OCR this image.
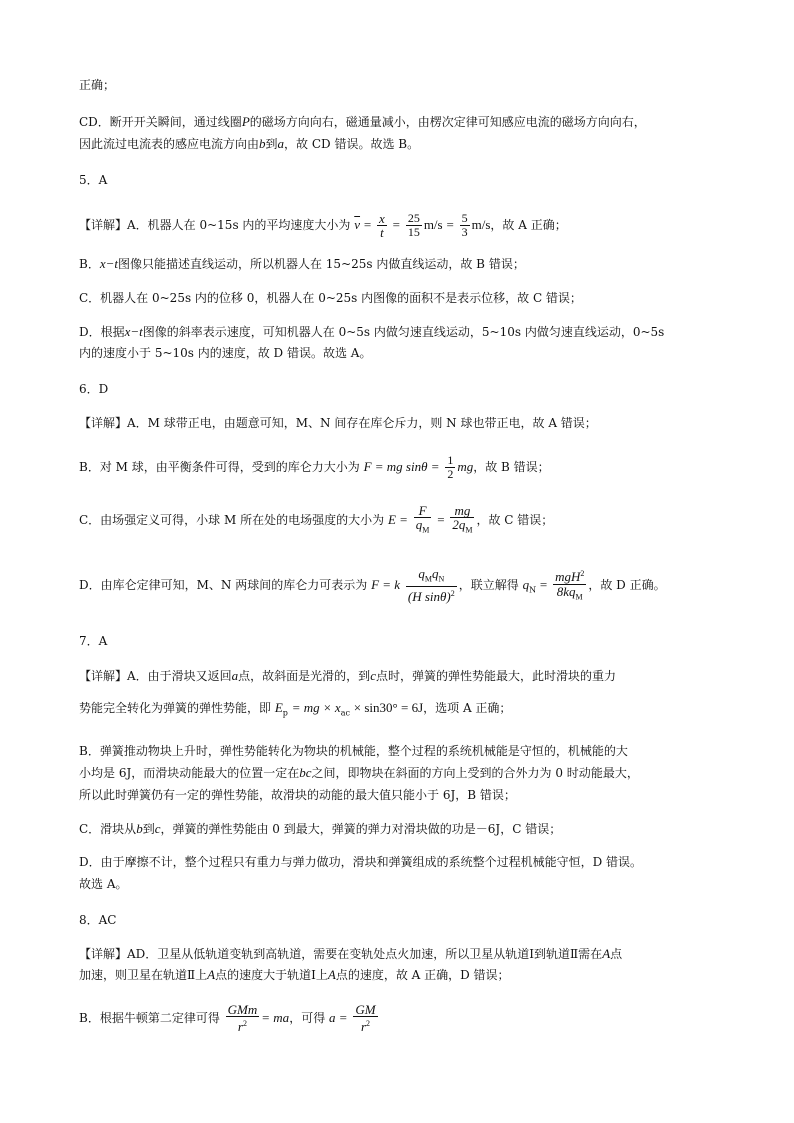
正确；
CD．断开开关瞬间，通过线圈P的磁场方向向右，磁通量减小，由楞次定律可知感应电流的磁场方向向右，
因此流过电流表的感应电流方向由b到a，故 CD 错误。故选 B。
5．A
【详解】A．机器人在 0~15s 内的平均速度大小为 $\overline{v} = \frac{x}{t} = \frac{25}{15} m/s = \frac{5}{3} m/s$，故 A 正确；
B．x−t图像只能描述直线运动，所以机器人在 15~25s 内做直线运动，故 B 错误；
C．机器人在 0~25s 内的位移 0，机器人在 0~25s 内图像的面积不是表示位移，故 C 错误；
D．根据x−t图像的斜率表示速度，可知机器人在 0~5s 内做匀速直线运动，5~10s 内做匀速直线运动，0~5s
内的速度小于 5~10s 内的速度，故 D 错误。故选 A。
6．D
【详解】A．M 球带正电，由题意可知，M、N 间存在库仑斥力，则 N 球也带正电，故 A 错误；
B．对 M 球，由平衡条件可得，受到的库仑力大小为 F = mg $\sin\theta = \frac{1}{2}$ mg，故 B 错误；
C．由场强定义可得，小球 M 所在处的电场强度的大小为 $E = \frac{F}{q_M} = \frac{mg}{2q_M}$ ，故 C 错误；
D．由库仑定律可知，M、N 两球间的库仑力可表示为 F = k $\frac{q_Mq_N}{(H \sin\theta)^2}$ ，联立解得 $q_N = \frac{mgH^2}{8kq_M}$ ，故 D 正确。
7．A
【详解】A．由于滑块又返回a点，故斜面是光滑的，到c点时，弹簧的弹性势能最大，此时滑块的重力
势能完全转化为弹簧的弹性势能，即 $E_p$ = mg × $x_{ac} \times \sin 30^\circ = 6J$，选项 A 正确；
B．弹簧推动物块上升时，弹性势能转化为物块的机械能，整个过程的系统机械能是守恒的，机械能的大
小均是 6J，而滑块动能最大的位置一定在bc之间，即物块在斜面的方向上受到的合外力为 0 时动能最大，
所以此时弹簧仍有一定的弹性势能，故滑块的动能的最大值只能小于 6J，B 错误；
C．滑块从b到c，弹簧的弹性势能由 0 到最大，弹簧的弹力对滑块做的功是－6J，C 错误；
D．由于摩擦不计，整个过程只有重力与弹力做功，滑块和弹簧组成的系统整个过程机械能守恒，D 错误。
故选 A。
8．AC
【详解】AD．卫星从低轨道变轨到高轨道，需要在变轨处点火加速，所以卫星从轨道Ⅰ到轨道Ⅱ需在A点
加速，则卫星在轨道Ⅱ上A点的速度大于轨道Ⅰ上A点的速度，故 A 正确，D 错误；
B．根据牛顿第二定律可得 $\frac{\text{GMm}}{r^2}$ = ma，可得 $a = \frac{GM}{r^2}$
